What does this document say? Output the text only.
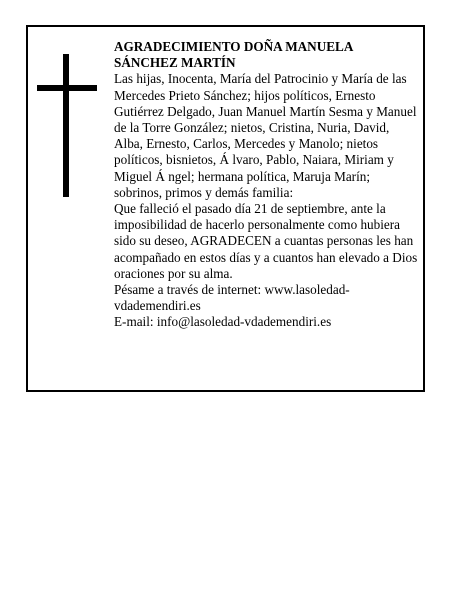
AGRADECIMIENTO DOÑA MANUELA
SÁNCHEZ MARTÍN

Las hijas, Inocenta, María del Patrocinio y María de las Mercedes Prieto Sánchez; hijos políticos, Ernesto Gutiérrez Delgado, Juan Manuel Martín Sesma y Manuel de la Torre González; nietos, Cristina, Nuria, David, Alba, Ernesto, Carlos, Mercedes y Manolo; nietos políticos, bisnietos, Á lvaro, Pablo, Naiara, Miriam y Miguel Á ngel; hermana política, Maruja Marín; sobrinos, primos y demás familia:

Que falleció el pasado día 21 de septiembre, ante la imposibilidad de hacerlo personalmente como hubiera sido su deseo, AGRADECEN a cuantas personas les han acompañado en estos días y a cuantos han elevado a Dios oraciones por su alma.

Pésame a través de internet: www.lasoledad-
vdademendiri.es

E-mail: info@lasoledad-vdademendiri.es
